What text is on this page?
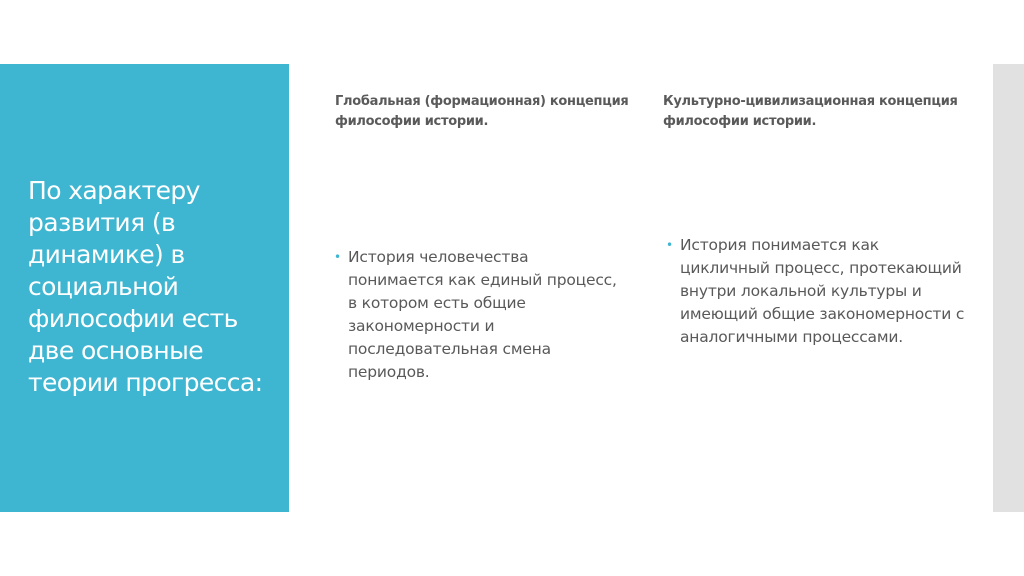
По характеру развития (в динамике) в социальной философии есть две основные теории прогресса:
Глобальная (формационная) концепция философии истории.
• История человечества понимается как единый процесс, в котором есть общие закономерности и последовательная смена периодов.
Культурно-цивилизационная концепция философии истории.
• История понимается как цикличный процесс, протекающий внутри локальной культуры и имеющий общие закономерности с аналогичными процессами.
